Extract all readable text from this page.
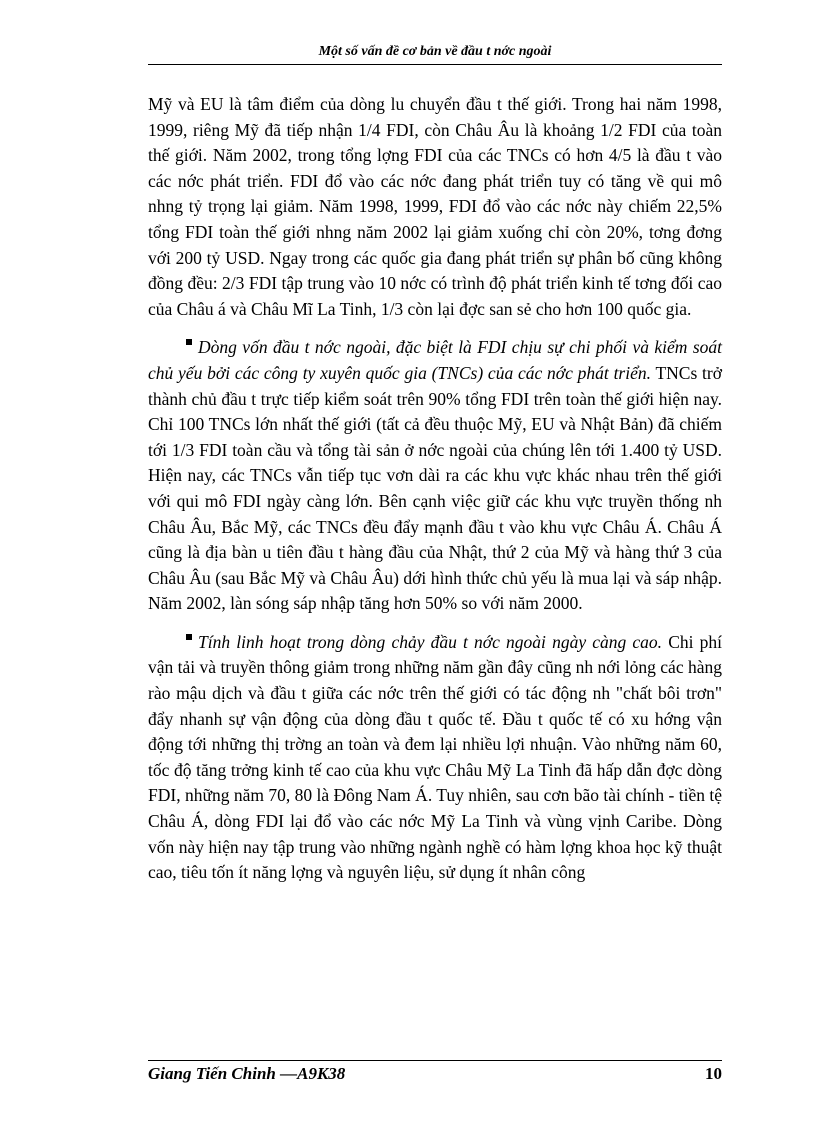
Một số vấn đề cơ bản về đầu t nớc ngoài

Mỹ và EU là tâm điểm của dòng lu chuyển đầu t thế giới. Trong hai năm 1998, 1999, riêng Mỹ đã tiếp nhận 1/4 FDI, còn Châu Âu là khoảng 1/2 FDI của toàn thế giới. Năm 2002, trong tổng lợng FDI của các TNCs có hơn 4/5 là đầu t vào các nớc phát triển. FDI đổ vào các nớc đang phát triển tuy có tăng về qui mô nhng tỷ trọng lại giảm. Năm 1998, 1999, FDI đổ vào các nớc này chiếm 22,5% tổng FDI toàn thế giới nhng năm 2002 lại giảm xuống chỉ còn 20%, tơng đơng với 200 tỷ USD. Ngay trong các quốc gia đang phát triển sự phân bố cũng không đồng đều: 2/3 FDI tập trung vào 10 nớc có trình độ phát triển kinh tế tơng đối cao của Châu á và Châu Mĩ La Tinh, 1/3 còn lại đợc san sẻ cho hơn 100 quốc gia.

Dòng vốn đầu t nớc ngoài, đặc biệt là FDI chịu sự chi phối và kiểm soát chủ yếu bởi các công ty xuyên quốc gia (TNCs) của các nớc phát triển. TNCs trở thành chủ đầu t trực tiếp kiểm soát trên 90% tổng FDI trên toàn thế giới hiện nay. Chỉ 100 TNCs lớn nhất thế giới (tất cả đều thuộc Mỹ, EU và Nhật Bản) đã chiếm tới 1/3 FDI toàn cầu và tổng tài sản ở nớc ngoài của chúng lên tới 1.400 tỷ USD. Hiện nay, các TNCs vẫn tiếp tục vơn dài ra các khu vực khác nhau trên thế giới với qui mô FDI ngày càng lớn. Bên cạnh việc giữ các khu vực truyền thống nh Châu Âu, Bắc Mỹ, các TNCs đều đẩy mạnh đầu t vào khu vực Châu Á. Châu Á cũng là địa bàn u tiên đầu t hàng đầu của Nhật, thứ 2 của Mỹ và hàng thứ 3 của Châu Âu (sau Bắc Mỹ và Châu Âu) dới hình thức chủ yếu là mua lại và sáp nhập. Năm 2002, làn sóng sáp nhập tăng hơn 50% so với năm 2000.

Tính linh hoạt trong dòng chảy đầu t nớc ngoài ngày càng cao. Chi phí vận tải và truyền thông giảm trong những năm gần đây cũng nh nới lỏng các hàng rào mậu dịch và đầu t giữa các nớc trên thế giới có tác động nh "chất bôi trơn" đẩy nhanh sự vận động của dòng đầu t quốc tế. Đầu t quốc tế có xu hớng vận động tới những thị trờng an toàn và đem lại nhiều lợi nhuận. Vào những năm 60, tốc độ tăng trởng kinh tế cao của khu vực Châu Mỹ La Tinh đã hấp dẫn đợc dòng FDI, những năm 70, 80 là Đông Nam Á. Tuy nhiên, sau cơn bão tài chính - tiền tệ Châu Á, dòng FDI lại đổ vào các nớc Mỹ La Tinh và vùng vịnh Caribe. Dòng vốn này hiện nay tập trung vào những ngành nghề có hàm lợng khoa học kỹ thuật cao, tiêu tốn ít năng lợng và nguyên liệu, sử dụng ít nhân công

Giang Tiến Chinh —A9K38	10
